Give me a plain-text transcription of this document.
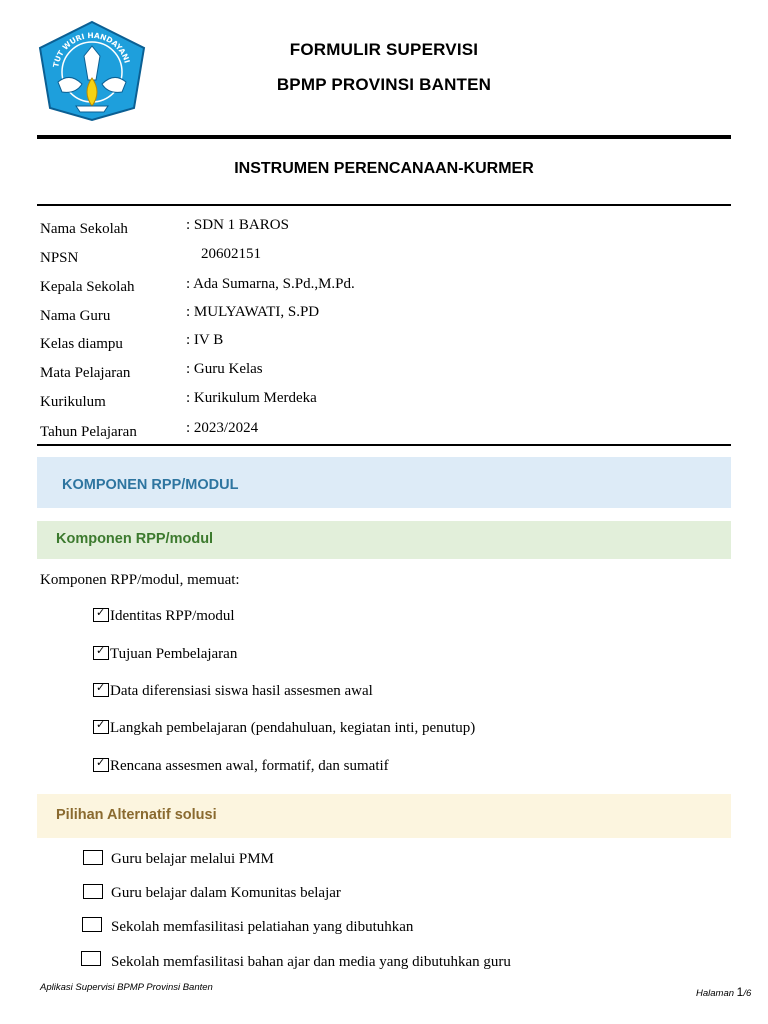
TUT WURI HANDAYANI
FORMULIR SUPERVISI
BPMP PROVINSI BANTEN
INSTRUMEN PERENCANAAN-KURMER
Nama Sekolah	: SDN 1 BAROS
NPSN	20602151
Kepala Sekolah	: Ada Sumarna, S.Pd.,M.Pd.
Nama Guru	: MULYAWATI, S.PD
Kelas diampu	: IV B
Mata Pelajaran	: Guru Kelas
Kurikulum	: Kurikulum Merdeka
Tahun Pelajaran	: 2023/2024
KOMPONEN RPP/MODUL
Komponen RPP/modul
Komponen RPP/modul, memuat:
✓ Identitas RPP/modul
✓ Tujuan Pembelajaran
✓ Data diferensiasi siswa hasil assesmen awal
✓ Langkah pembelajaran (pendahuluan, kegiatan inti, penutup)
✓ Rencana assesmen awal, formatif, dan sumatif
Pilihan Alternatif solusi
Guru belajar melalui PMM
Guru belajar dalam Komunitas belajar
Sekolah memfasilitasi pelatiahan yang dibutuhkan
Sekolah memfasilitasi bahan ajar dan media yang dibutuhkan guru
Aplikasi Supervisi BPMP Provinsi Banten
Halaman 1/6
